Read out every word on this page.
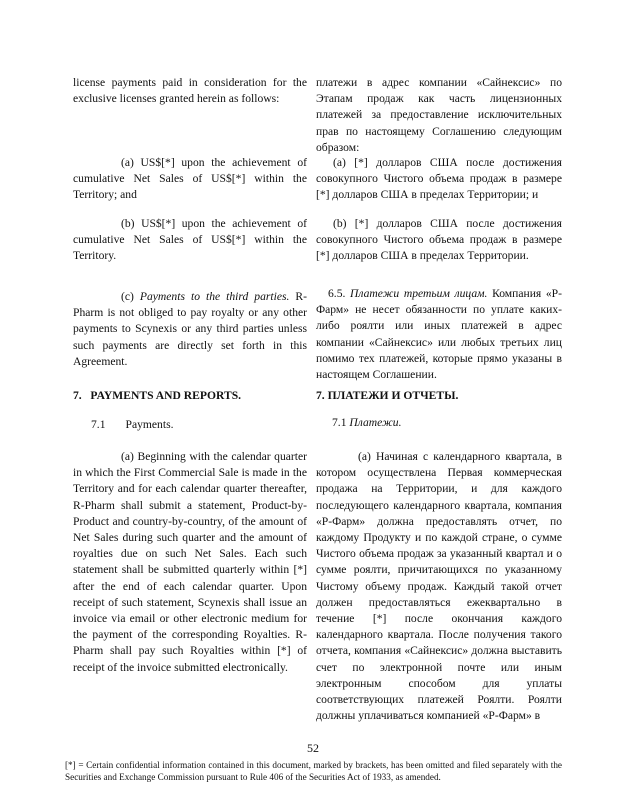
license payments paid in consideration for the exclusive licenses granted herein as follows:

(a) US$[*] upon the achievement of cumulative Net Sales of US$[*] within the Territory; and

(b) US$[*] upon the achievement of cumulative Net Sales of US$[*] within the Territory.

(c) Payments to the third parties. R-Pharm is not obliged to pay royalty or any other payments to Scynexis or any third parties unless such payments are directly set forth in this Agreement.

7. PAYMENTS AND REPORTS.

7.1 Payments.

(a) Beginning with the calendar quarter in which the First Commercial Sale is made in the Territory and for each calendar quarter thereafter, R-Pharm shall submit a statement, Product-by-Product and country-by-country, of the amount of Net Sales during such quarter and the amount of royalties due on such Net Sales. Each such statement shall be submitted quarterly within [*] after the end of each calendar quarter. Upon receipt of such statement, Scynexis shall issue an invoice via email or other electronic medium for the payment of the corresponding Royalties. R-Pharm shall pay such Royalties within [*] of receipt of the invoice submitted electronically.

платежи в адрес компании «Сайнексис» по Этапам продаж как часть лицензионных платежей за предоставление исключительных прав по настоящему Соглашению следующим образом:

(a) [*] долларов США после достижения совокупного Чистого объема продаж в размере [*] долларов США в пределах Территории; и

(b) [*] долларов США после достижения совокупного Чистого объема продаж в размере [*] долларов США в пределах Территории.

6.5. Платежи третьим лицам. Компания «Р-Фарм» не несет обязанности по уплате каких-либо роялти или иных платежей в адрес компании «Сайнексис» или любых третьих лиц помимо тех платежей, которые прямо указаны в настоящем Соглашении.

7. ПЛАТЕЖИ И ОТЧЕТЫ.

7.1 Платежи.

(a) Начиная с календарного квартала, в котором осуществлена Первая коммерческая продажа на Территории, и для каждого последующего календарного квартала, компания «Р-Фарм» должна предоставлять отчет, по каждому Продукту и по каждой стране, о сумме Чистого объема продаж за указанный квартал и о сумме роялти, причитающихся по указанному Чистому объему продаж. Каждый такой отчет должен предоставляться ежеквартально в течение [*] после окончания каждого календарного квартала. После получения такого отчета, компания «Сайнексис» должна выставить счет по электронной почте или иным электронным способом для уплаты соответствующих платежей Роялти. Роялти должны уплачиваться компанией «Р-Фарм» в

52

[*] = Certain confidential information contained in this document, marked by brackets, has been omitted and filed separately with the Securities and Exchange Commission pursuant to Rule 406 of the Securities Act of 1933, as amended.
